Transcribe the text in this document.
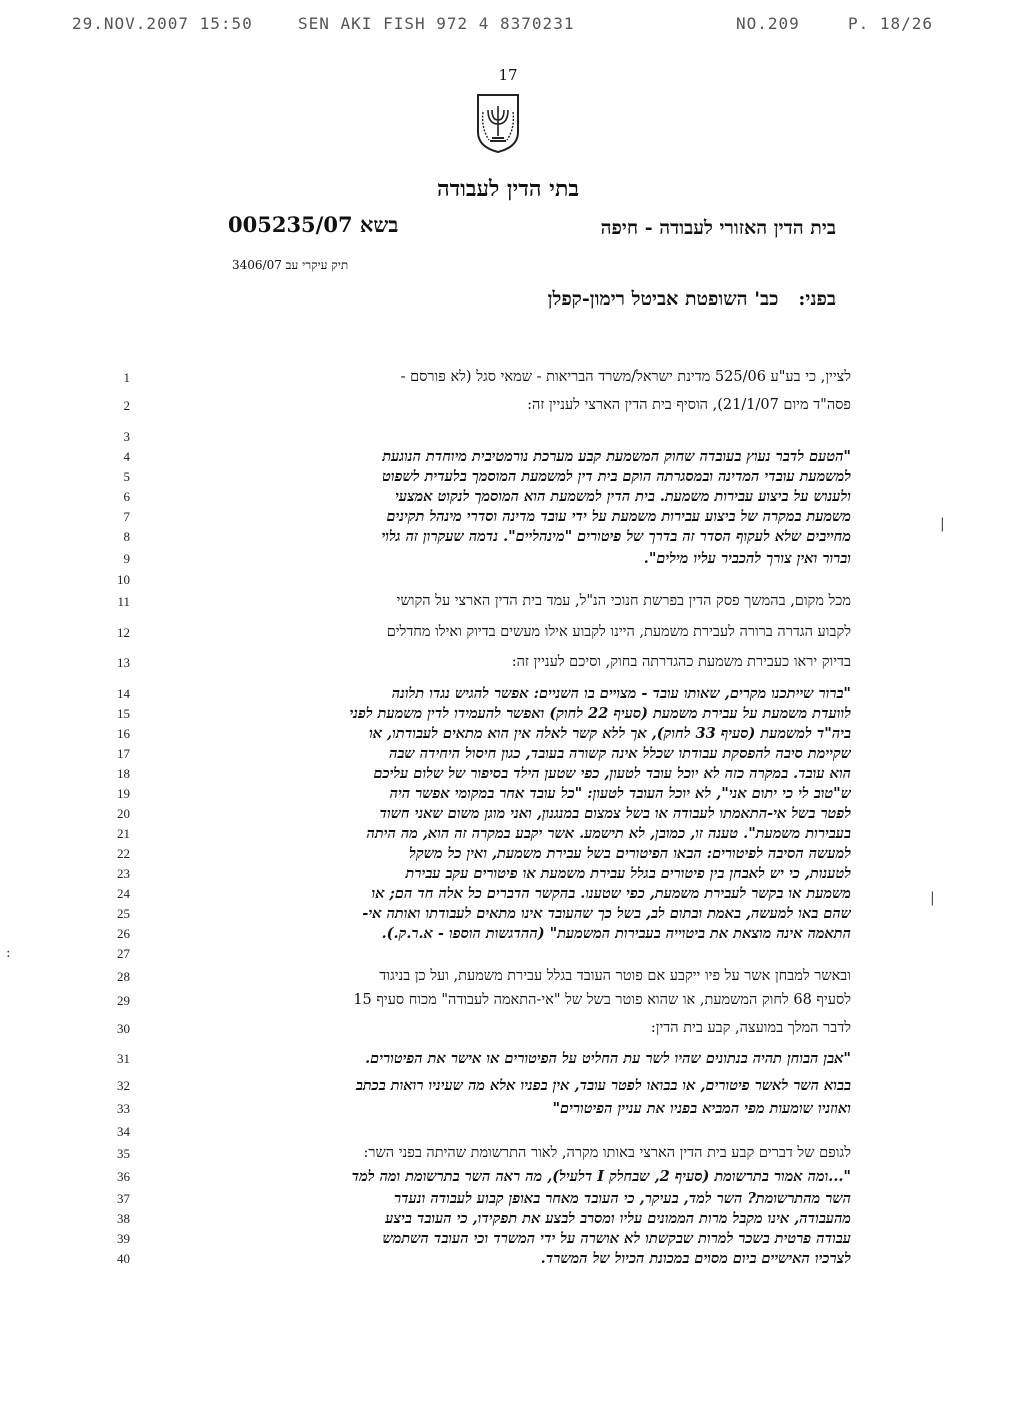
29.NOV.2007 15:50	SEN AKI FISH 972 4 8370231	NO.209	P. 18/26
17
בתי הדין לעבודה
בית הדין האזורי לעבודה - חיפה
בשא 005235/07
תיק עיקרי עב 3406/07
בפני:   כב' השופטת אביטל רימון-קפלן
1	לציין, כי בע"ע 525/06 מדינת ישראל/משרד הבריאות - שמאי סגל (לא פורסם -
2	פסה"ד מיום 21/1/07), הוסיף בית הדין הארצי לעניין זה:
3
4	"הטעם לדבר נעוץ בעובדה שחוק המשמעת קבע מערכת נורמטיבית מיוחדת הנוגעת
5	למשמעת עובדי המדינה ובמסגרתה הוקם בית דין למשמעת המוסמך בלעדית לשפוט
6	ולענוש על ביצוע עבירות משמעת. בית הדין למשמעת הוא המוסמך לנקוט אמצעי
7	משמעת במקרה של ביצוע עבירות משמעת על ידי עובד מדינה וסדרי מינהל תקינים
8	מחייבים שלא לעקוף הסדר זה בדרך של פיטורים "מינהליים". נדמה שעקרון זה גלוי
9	וברור ואין צורך להכביר עליו מילים".
10
11	מכל מקום, בהמשך פסק הדין בפרשת חנוכי הנ"ל, עמד בית הדין הארצי על הקושי
12	לקבוע הגדרה ברורה לעבירת משמעת, היינו לקבוע אילו מעשים בדיוק ואילו מחדלים
13	בדיוק יראו כעבירת משמעת כהגדרתה בחוק, וסיכם לעניין זה:
14	"ברור שייתכנו מקרים, שאותו עובד - מצויים בו השניים: אפשר להגיש נגדו תלונה
15	לוועדת משמעת על עבירת משמעת (סעיף 22 לחוק) ואפשר להעמידו לדין משמעת לפני
16	ביה"ד למשמעת (סעיף 33 לחוק), אך ללא קשר לאלה אין הוא מתאים לעבודתו, או
17	שקיימת סיבה להפסקת עבודתו שכלל אינה קשורה בעובד, כגון חיסול היחידה שבה
18	הוא עובד. במקרה כזה לא יוכל עובד לטעון, כפי שטען הילד בסיפור של שלום עליכם
19	ש"טוב לי כי יתום אני", לא יוכל העובד לטעון: "כל עובד אחר במקומי אפשר היה
20	לפטר בשל אי-התאמתו לעבודה או בשל צמצום במנגנון, ואני מוגן משום שאני חשוד
21	בעבירות משמעת". טענה זו, כמובן, לא תישמע. אשר יקבע במקרה זה הוא, מה היתה
22	למעשה הסיבה לפיטורים: הבאו הפיטורים בשל עבירת משמעת, ואין כל משקל
23	לטענות, כי יש לאבחן בין פיטורים בגלל עבירת משמעת או פיטורים עקב עבירת
24	משמעת או בקשר לעבירת משמעת, כפי שטענו. בהקשר הדברים כל אלה חד הם; או
25	שהם באו למעשה, באמת ובתום לב, בשל כך שהעובד אינו מתאים לעבודתו ואותה אי-
26	התאמה אינה מוצאת את ביטוייה בעבירות המשמעת" (ההדגשות הוספו - א.ר.ק.).
27
28	ובאשר למבחן אשר על פיו ייקבע אם פוטר העובד בגלל עבירת משמעת, ועל כן בניגוד
29	לסעיף 68 לחוק המשמעת, או שהוא פוטר בשל של "אי-התאמה לעבודה" מכוח סעיף 15
30	לדבר המלך במועצה, קבע בית הדין:
31	"אבן הבוחן תהיה בנתונים שהיו לשר עת החליט על הפיטורים או אישר את הפיטורים.
32	בבוא השר לאשר פיטורים, או בבואו לפטר עובד, אין בפניו אלא מה שעיניו רואות בכתב
33	ואוזניו שומעות מפי המביא בפניו את עניין הפיטורים"
34
35	לגופם של דברים קבע בית הדין הארצי באותו מקרה, לאור התרשומת שהיתה בפני השר:
36	"...ומה אמור בתרשומת (סעיף 2, שבחלק I דלעיל), מה ראה השר בתרשומת ומה למד
37	השר מהתרשומת? השר למד, בעיקר, כי העובד מאחר באופן קבוע לעבודה ונעדר
38	מהעבודה, אינו מקבל מרות הממונים עליו ומסרב לבצע את תפקידו, כי העובד ביצע
39	עבודה פרטית בשכר למרות שבקשתו לא אושרה על ידי המשרד וכי העובד השתמש
40	לצרכיו האישיים ביום מסוים במכונת הכיול של המשרד.
|
|
:
